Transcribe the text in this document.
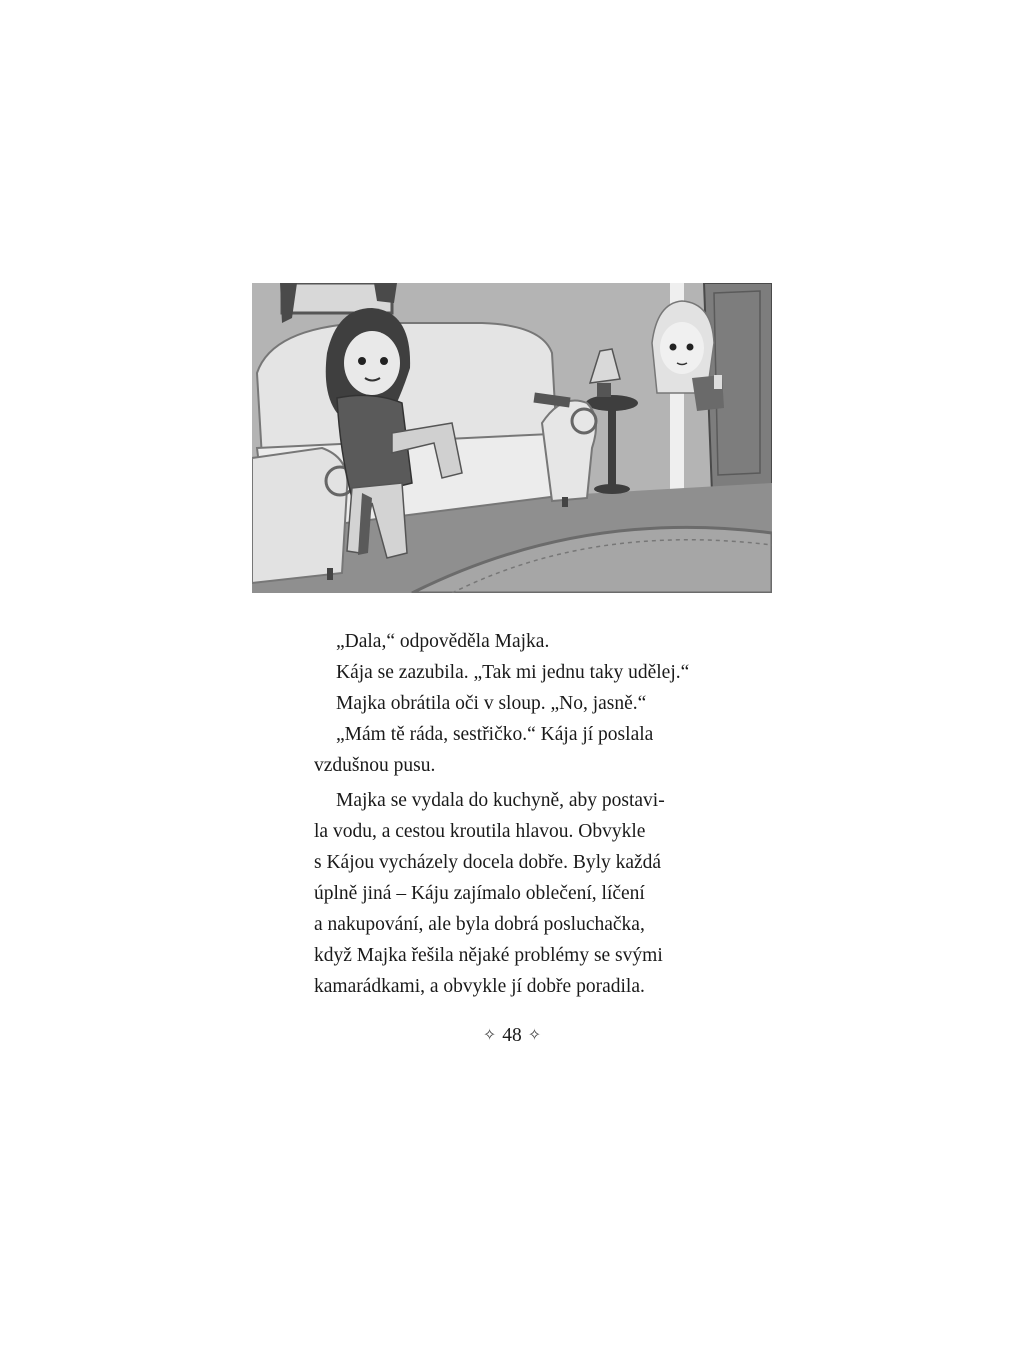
„Dala,“ odpověděla Majka.
Kája se zazubila. „Tak mi jednu taky udělej.“
Majka obrátila oči v sloup. „No, jasně.“
„Mám tě ráda, sestřičko.“ Kája jí poslala
vzdušnou pusu.
Majka se vydala do kuchyně, aby postavi-
la vodu, a cestou kroutila hlavou. Obvykle
s Kájou vycházely docela dobře. Byly každá
úplně jiná – Káju zajímalo oblečení, líčení
a nakupování, ale byla dobrá posluchačka,
když Majka řešila nějaké problémy se svými
kamarádkami, a obvykle jí dobře poradila.
✧ 48 ✧
